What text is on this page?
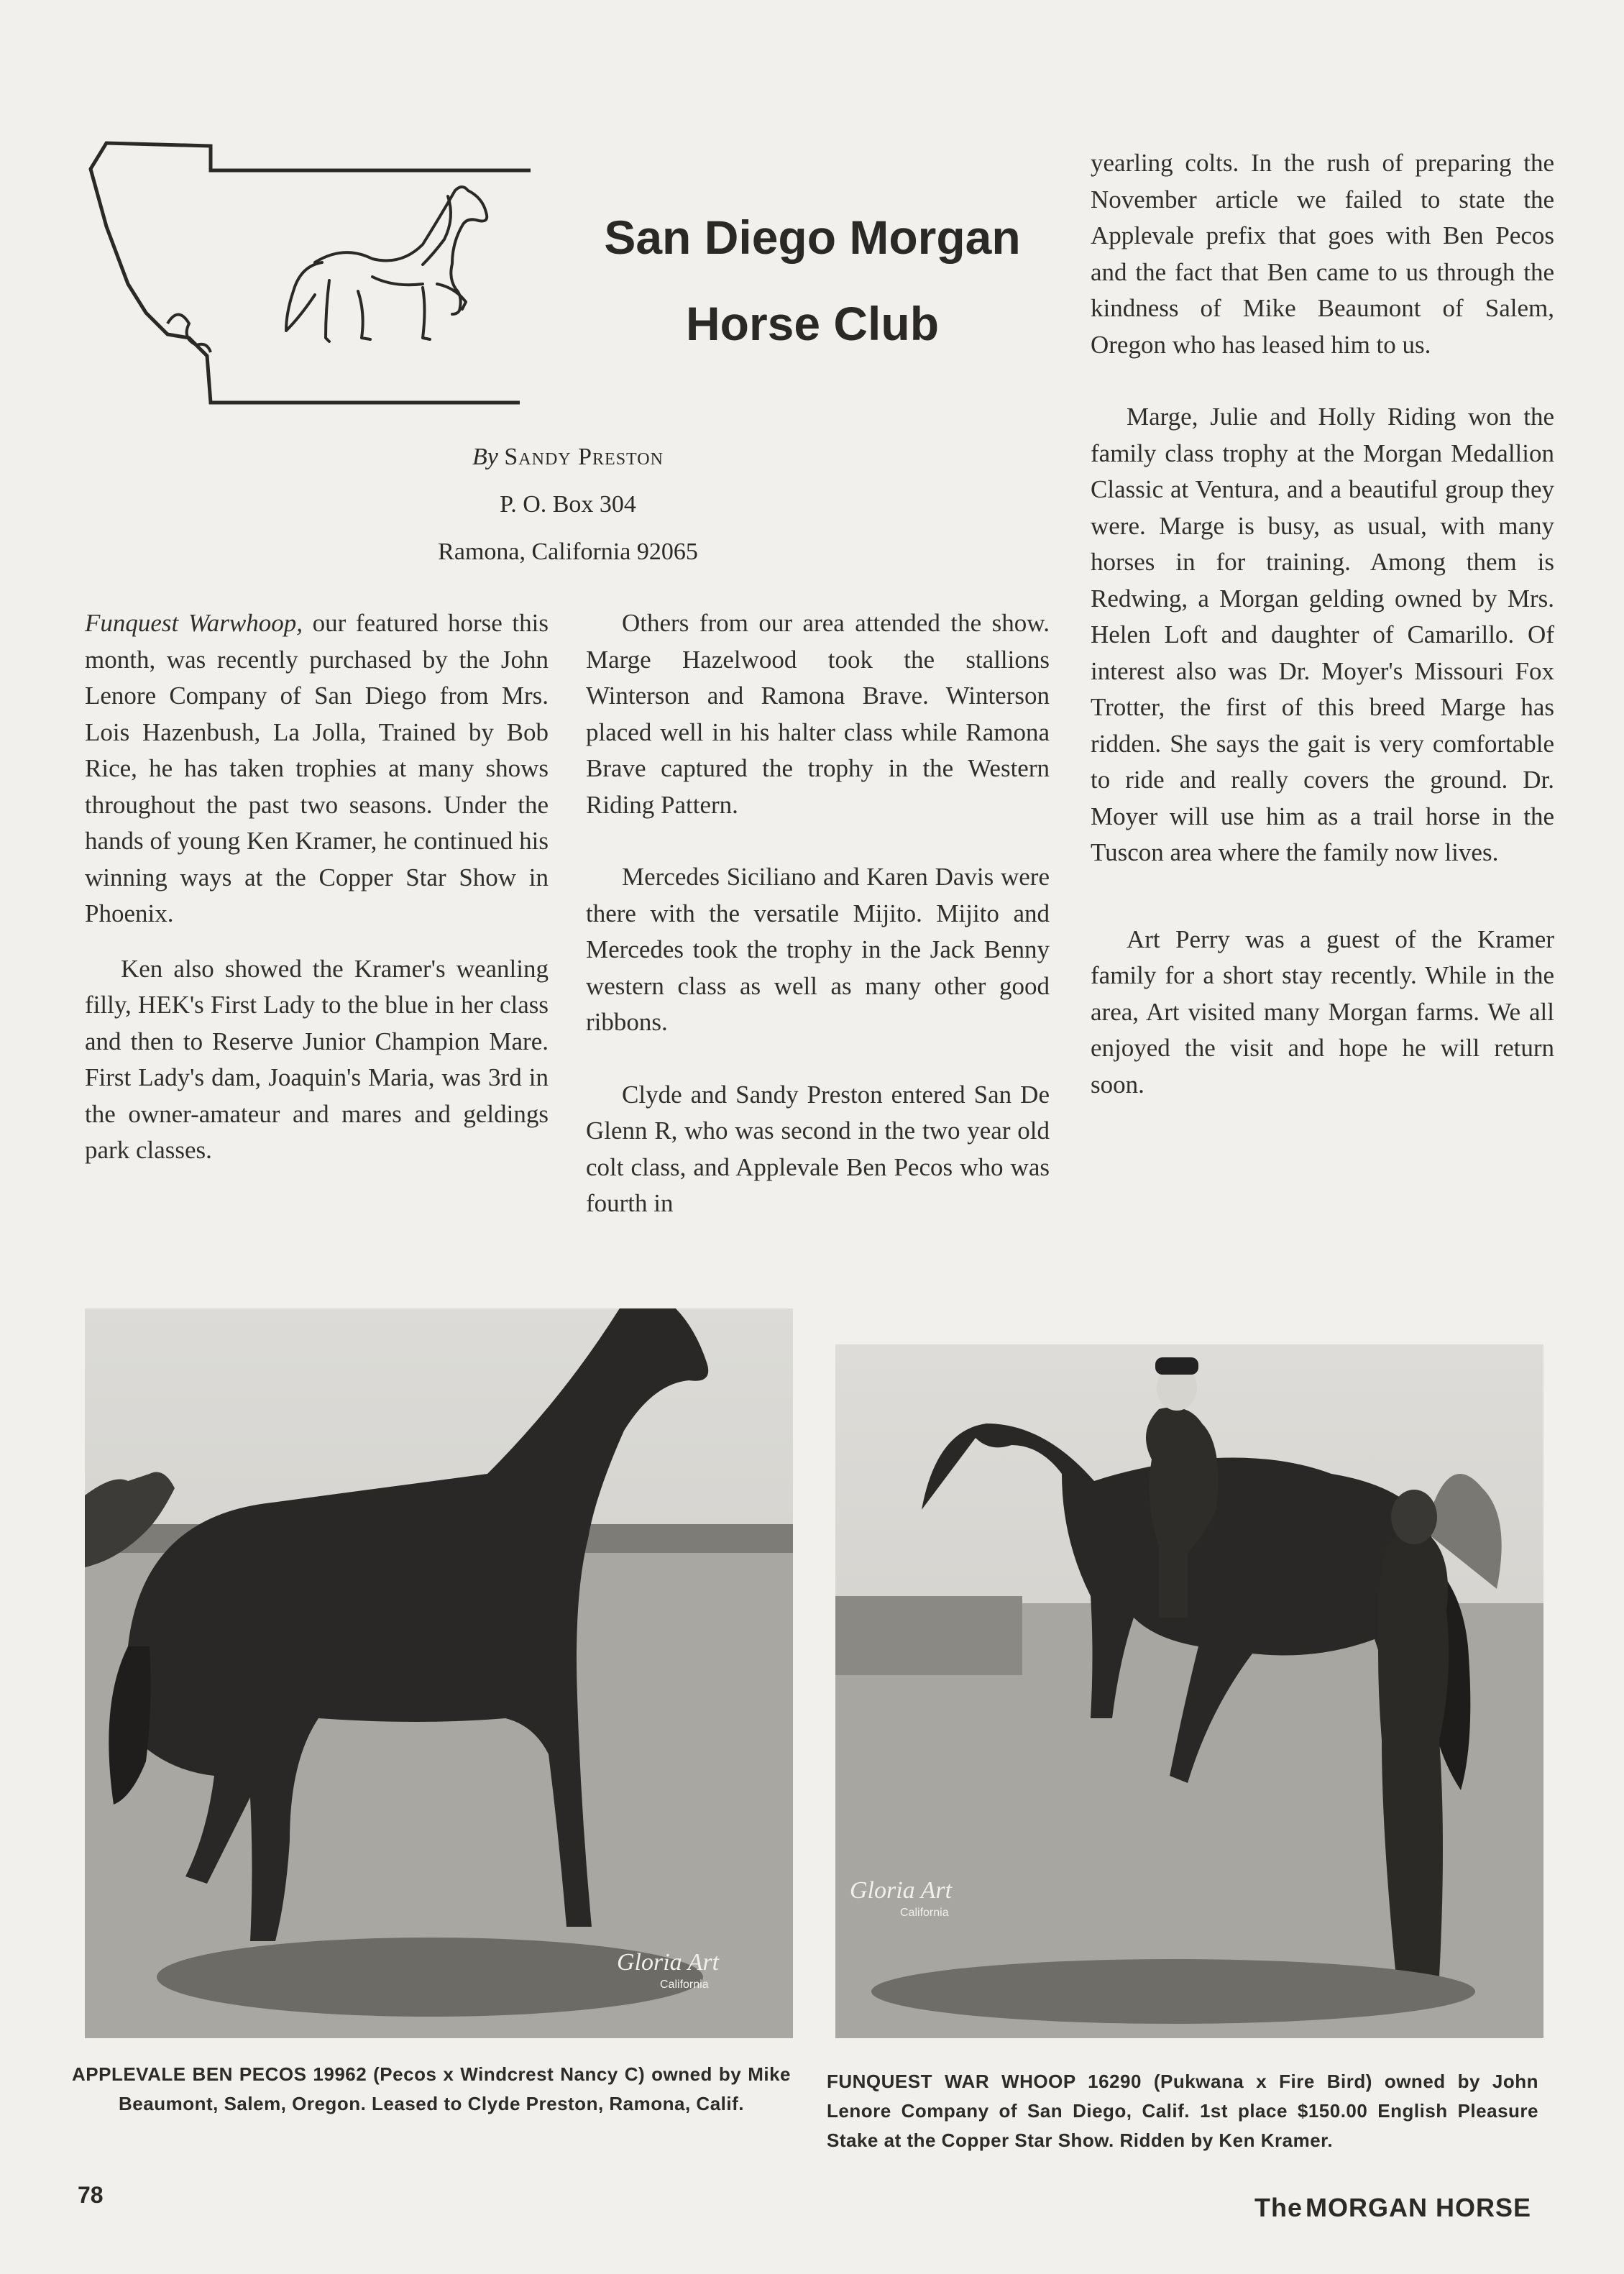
San Diego Morgan
Horse Club
By Sandy Preston
P. O. Box 304
Ramona, California 92065

Funquest Warwhoop, our featured horse this month, was recently purchased by the John Lenore Company of San Diego from Mrs. Lois Hazenbush, La Jolla, Trained by Bob Rice, he has taken trophies at many shows throughout the past two seasons. Under the hands of young Ken Kramer, he continued his winning ways at the Copper Star Show in Phoenix.

Ken also showed the Kramer's weanling filly, HEK's First Lady to the blue in her class and then to Reserve Junior Champion Mare. First Lady's dam, Joaquin's Maria, was 3rd in the owner-amateur and mares and geldings park classes.

Others from our area attended the show. Marge Hazelwood took the stallions Winterson and Ramona Brave. Winterson placed well in his halter class while Ramona Brave captured the trophy in the Western Riding Pattern.

Mercedes Siciliano and Karen Davis were there with the versatile Mijito. Mijito and Mercedes took the trophy in the Jack Benny western class as well as many other good ribbons.

Clyde and Sandy Preston entered San De Glenn R, who was second in the two year old colt class, and Applevale Ben Pecos who was fourth in

yearling colts. In the rush of preparing the November article we failed to state the Applevale prefix that goes with Ben Pecos and the fact that Ben came to us through the kindness of Mike Beaumont of Salem, Oregon who has leased him to us.

Marge, Julie and Holly Riding won the family class trophy at the Morgan Medallion Classic at Ventura, and a beautiful group they were. Marge is busy, as usual, with many horses in for training. Among them is Redwing, a Morgan gelding owned by Mrs. Helen Loft and daughter of Camarillo. Of interest also was Dr. Moyer's Missouri Fox Trotter, the first of this breed Marge has ridden. She says the gait is very comfortable to ride and really covers the ground. Dr. Moyer will use him as a trail horse in the Tuscon area where the family now lives.

Art Perry was a guest of the Kramer family for a short stay recently. While in the area, Art visited many Morgan farms. We all enjoyed the visit and hope he will return soon.

Gloria Art
California
Gloria Art
California
APPLEVALE BEN PECOS 19962 (Pecos x Windcrest Nancy C) owned by Mike Beaumont, Salem, Oregon. Leased to Clyde Preston, Ramona, Calif.
FUNQUEST WAR WHOOP 16290 (Pukwana x Fire Bird) owned by John Lenore Company of San Diego, Calif. 1st place $150.00 English Pleasure Stake at the Copper Star Show. Ridden by Ken Kramer.
78	The MORGAN HORSE
